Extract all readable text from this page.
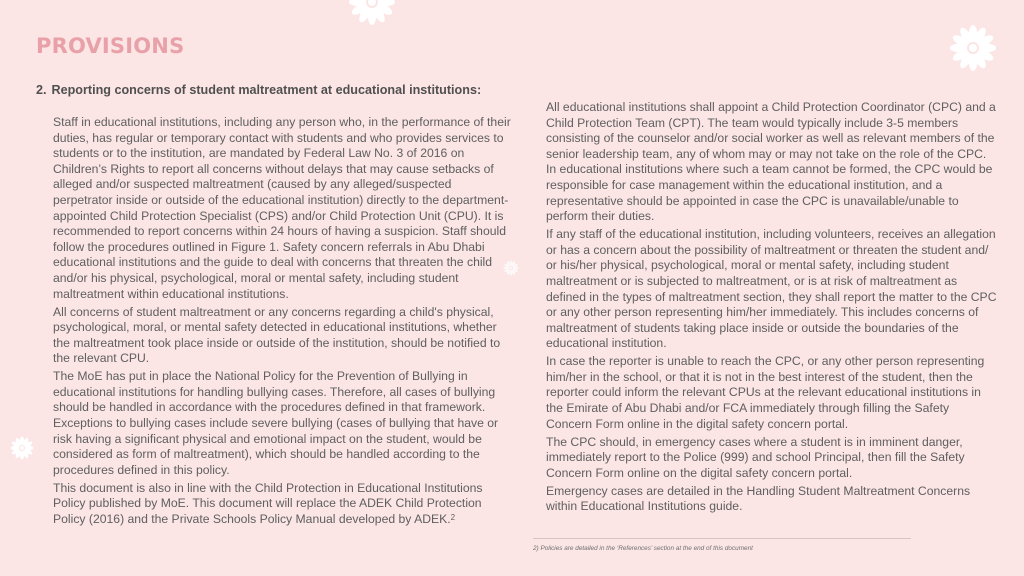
PROVISIONS
2. Reporting concerns of student maltreatment at educational institutions:

Staff in educational institutions, including any person who, in the performance of their duties, has regular or temporary contact with students and who provides services to students or to the institution, are mandated by Federal Law No. 3 of 2016 on Children’s Rights to report all concerns without delays that may cause setbacks of alleged and/or suspected maltreatment (caused by any alleged/suspected perpetrator inside or outside of the educational institution) directly to the department-appointed Child Protection Specialist (CPS) and/or Child Protection Unit (CPU). It is recommended to report concerns within 24 hours of having a suspicion. Staff should follow the procedures outlined in Figure 1. Safety concern referrals in Abu Dhabi educational institutions and the guide to deal with concerns that threaten the child and/or his physical, psychological, moral or mental safety, including student maltreatment within educational institutions.

All concerns of student maltreatment or any concerns regarding a child's physical, psychological, moral, or mental safety detected in educational institutions, whether the maltreatment took place inside or outside of the institution, should be notified to the relevant CPU.

The MoE has put in place the National Policy for the Prevention of Bullying in educational institutions for handling bullying cases. Therefore, all cases of bullying should be handled in accordance with the procedures defined in that framework. Exceptions to bullying cases include severe bullying (cases of bullying that have or risk having a significant physical and emotional impact on the student, would be considered as form of maltreatment), which should be handled according to the procedures defined in this policy.

This document is also in line with the Child Protection in Educational Institutions Policy published by MoE. This document will replace the ADEK Child Protection Policy (2016) and the Private Schools Policy Manual developed by ADEK.$^2$

All educational institutions shall appoint a Child Protection Coordinator (CPC) and a Child Protection Team (CPT). The team would typically include 3-5 members consisting of the counselor and/or social worker as well as relevant members of the senior leadership team, any of whom may or may not take on the role of the CPC. In educational institutions where such a team cannot be formed, the CPC would be responsible for case management within the educational institution, and a representative should be appointed in case the CPC is unavailable/unable to perform their duties.

If any staff of the educational institution, including volunteers, receives an allegation or has a concern about the possibility of maltreatment or threaten the student and/ or his/her physical, psychological, moral or mental safety, including student maltreatment or is subjected to maltreatment, or is at risk of maltreatment as defined in the types of maltreatment section, they shall report the matter to the CPC or any other person representing him/her immediately. This includes concerns of maltreatment of students taking place inside or outside the boundaries of the educational institution.

In case the reporter is unable to reach the CPC, or any other person representing him/her in the school, or that it is not in the best interest of the student, then the reporter could inform the relevant CPUs at the relevant educational institutions in the Emirate of Abu Dhabi and/or FCA immediately through filling the Safety Concern Form online in the digital safety concern portal.

The CPC should, in emergency cases where a student is in imminent danger, immediately report to the Police (999) and school Principal, then fill the Safety Concern Form online on the digital safety concern portal.

Emergency cases are detailed in the Handling Student Maltreatment Concerns within Educational Institutions guide.

2) Policies are detailed in the ‘References’ section at the end of this document
